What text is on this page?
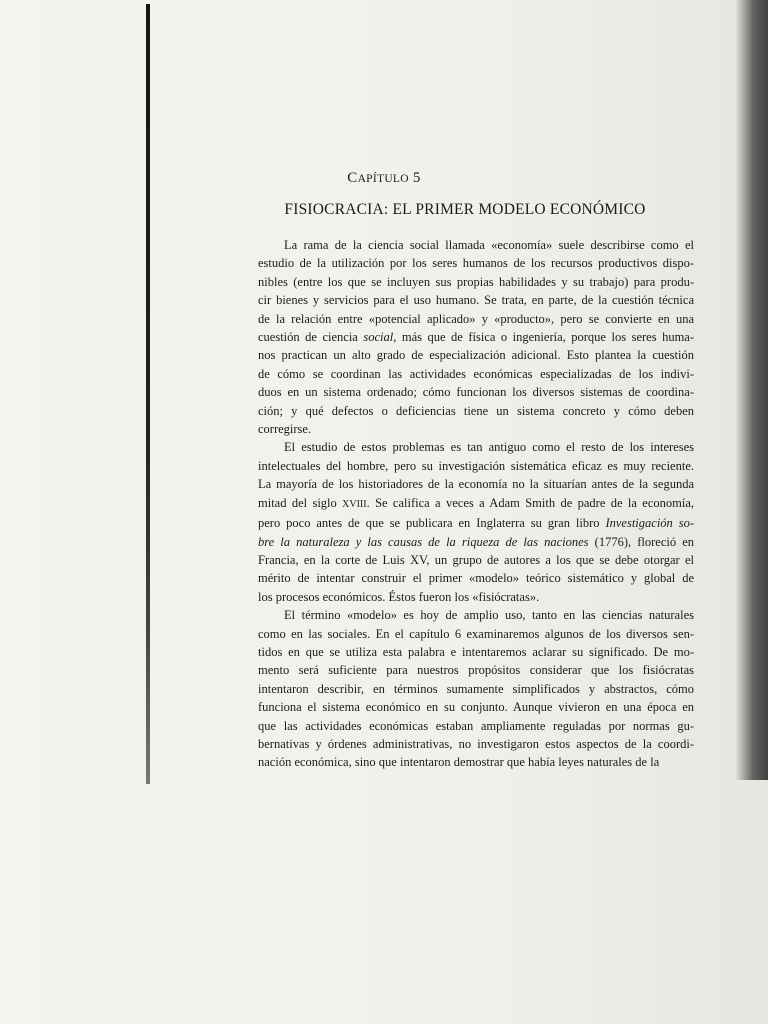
CAPÍTULO 5
FISIOCRACIA: EL PRIMER MODELO ECONÓMICO

La rama de la ciencia social llamada «economía» suele describirse como el
estudio de la utilización por los seres humanos de los recursos productivos dispo-
nibles (entre los que se incluyen sus propias habilidades y su trabajo) para produ-
cir bienes y servicios para el uso humano. Se trata, en parte, de la cuestión técnica
de la relación entre «potencial aplicado» y «producto», pero se convierte en una
cuestión de ciencia social, más que de física o ingeniería, porque los seres huma-
nos practican un alto grado de especialización adicional. Esto plantea la cuestión
de cómo se coordinan las actividades económicas especializadas de los indivi-
duos en un sistema ordenado; cómo funcionan los diversos sistemas de coordina-
ción; y qué defectos o deficiencias tiene un sistema concreto y cómo deben
corregirse.

El estudio de estos problemas es tan antiguo como el resto de los intereses
intelectuales del hombre, pero su investigación sistemática eficaz es muy reciente.
La mayoría de los historiadores de la economía no la situarían antes de la segunda
mitad del siglo XVIII. Se califica a veces a Adam Smith de padre de la economía,
pero poco antes de que se publicara en Inglaterra su gran libro Investigación so-
bre la naturaleza y las causas de la riqueza de las naciones (1776), floreció en
Francia, en la corte de Luis XV, un grupo de autores a los que se debe otorgar el
mérito de intentar construir el primer «modelo» teórico sistemático y global de
los procesos económicos. Éstos fueron los «fisiócratas».

El término «modelo» es hoy de amplio uso, tanto en las ciencias naturales
como en las sociales. En el capítulo 6 examinaremos algunos de los diversos sen-
tidos en que se utiliza esta palabra e intentaremos aclarar su significado. De mo-
mento será suficiente para nuestros propósitos considerar que los fisiócratas
intentaron describir, en términos sumamente simplificados y abstractos, cómo
funciona el sistema económico en su conjunto. Aunque vivieron en una época en
que las actividades económicas estaban ampliamente reguladas por normas gu-
bernativas y órdenes administrativas, no investigaron estos aspectos de la coordi-
nación económica, sino que intentaron demostrar que había leyes naturales de la
